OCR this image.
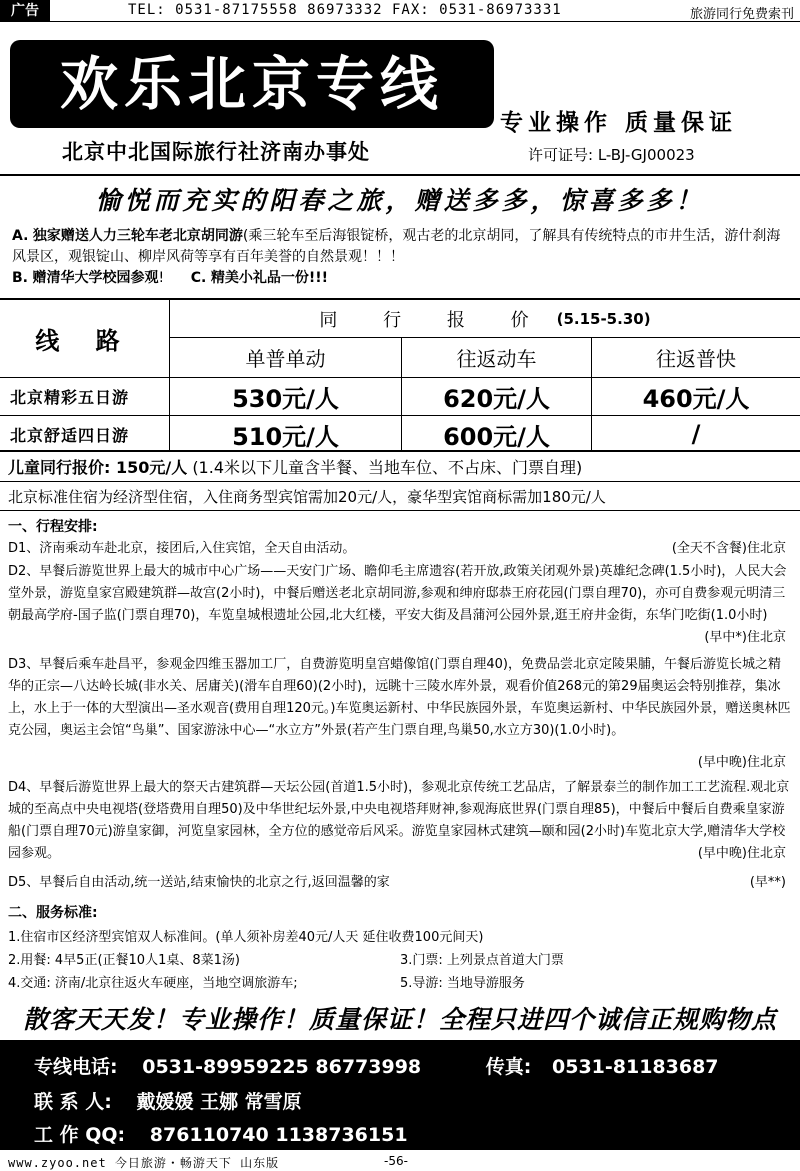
广告	TEL: 0531-87175558 86973332 FAX: 0531-86973331	旅游同行免费索刊
欢乐北京专线
专业操作 质量保证
北京中北国际旅行社济南办事处	许可证号: L-BJ-GJ00023
愉悦而充实的阳春之旅，赠送多多，惊喜多多！
A. 独家赠送人力三轮车老北京胡同游(乘三轮车至后海银锭桥，观古老的北京胡同，了解具有传统特点的市井生活，游什刹海风景区，观银锭山、柳岸风荷等享有百年美誉的自然景观！！！
B. 赠清华大学校园参观! C. 精美小礼品一份!!!
线 路
同 行 报 价 (5.15-5.30)
单普单动	往返动车	往返普快
北京精彩五日游	530元/人	620元/人	460元/人
北京舒适四日游	510元/人	600元/人	/
儿童同行报价: 150元/人 (1.4米以下儿童含半餐、当地车位、不占床、门票自理)
北京标准住宿为经济型住宿，入住商务型宾馆需加20元/人，豪华型宾馆商标需加180元/人
一、行程安排:
D1、济南乘动车赴北京，接团后,入住宾馆，全天自由活动。	(全天不含餐)住北京
D2、早餐后游览世界上最大的城市中心广场——天安门广场、瞻仰毛主席遗容(若开放,政策关闭观外景)英雄纪念碑(1.5小时)，人民大会堂外景，游览皇家宫殿建筑群—故宫(2小时)，中餐后赠送老北京胡同游,参观和绅府邸恭王府花园(门票自理70)，亦可自费参观元明清三朝最高学府-国子监(门票自理70)，车览皇城根遗址公园,北大红楼，平安大街及昌蒲河公园外景,逛王府井金街，东华门吃街(1.0小时)
(早中*)住北京
D3、早餐后乘车赴昌平，参观金四维玉器加工厂，自费游览明皇宫蜡像馆(门票自理40)，免费品尝北京定陵果脯，午餐后游览长城之精华的正宗—八达岭长城(非水关、居庸关)(滑车自理60)(2小时)，远眺十三陵水库外景，观看价值268元的第29届奥运会特别推荐，集冰上，水上于一体的大型演出—圣水观音(费用自理120元。)车览奥运新村、中华民族园外景，车览奥运新村、中华民族园外景，赠送奥林匹克公园，奥运主会馆“鸟巢”、国家游泳中心—“水立方”外景(若产生门票自理,鸟巢50,水立方30)(1.0小时)。
(早中晚)住北京
D4、早餐后游览世界上最大的祭天古建筑群—天坛公园(首道1.5小时)，参观北京传统工艺品店，了解景泰兰的制作加工工艺流程.观北京城的至高点中央电视塔(登塔费用自理50)及中华世纪坛外景,中央电视塔拜财神,参观海底世界(门票自理85)，中餐后中餐后自费乘皇家游船(门票自理70元)游皇家御，河览皇家园林，全方位的感觉帝后风采。游览皇家园林式建筑—颐和园(2小时)车览北京大学,赠清华大学校园参观。	(早中晚)住北京
D5、早餐后自由活动,统一送站,结束愉快的北京之行,返回温馨的家	(早**)
二、服务标准:
1.住宿市区经济型宾馆双人标准间。(单人须补房差40元/人天 延住收费100元间天)
2.用餐: 4早5正(正餐10人1桌、8菜1汤)	3.门票: 上列景点首道大门票
4.交通: 济南/北京往返火车硬座，当地空调旅游车;	5.导游: 当地导游服务
散客天天发！专业操作！质量保证！全程只进四个诚信正规购物点
专线电话: 0531-89959225 86773998	传真: 0531-81183687
联 系 人: 戴媛媛 王娜 常雪原
工 作 QQ: 876110740 1138736151
www.zyoo.net 今日旅游・畅游天下 山东版	-56-
